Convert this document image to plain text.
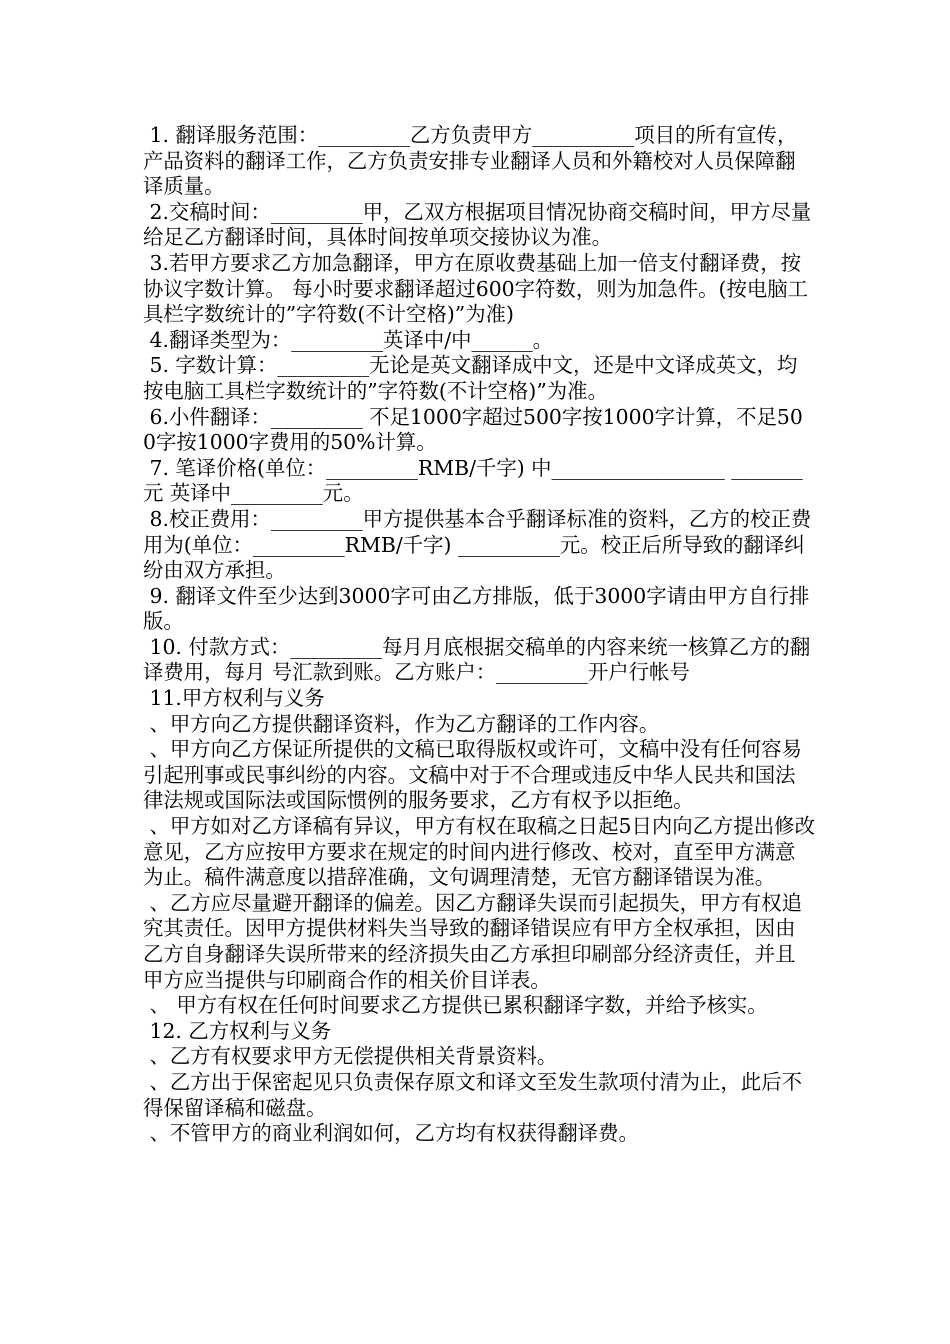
1. 翻译服务范围：_________乙方负责甲方__________项目的所有宣传，产品资料的翻译工作，乙方负责安排专业翻译人员和外籍校对人员保障翻译质量。

2.交稿时间：_________甲，乙双方根据项目情况协商交稿时间，甲方尽量给足乙方翻译时间，具体时间按单项交接协议为准。

3.若甲方要求乙方加急翻译，甲方在原收费基础上加一倍支付翻译费，按协议字数计算。 每小时要求翻译超过600字符数，则为加急件。(按电脑工具栏字数统计的”字符数(不计空格)”为准)

4.翻译类型为：_________英译中/中______。

5. 字数计算：_________无论是英文翻译成中文，还是中文译成英文，均按电脑工具栏字数统计的”字符数(不计空格)”为准。

6.小件翻译：_________ 不足1000字超过500字按1000字计算，不足500字按1000字费用的50%计算。

7. 笔译价格(单位：_________RMB/千字) 中_________________ _______元 英译中_________元。

8.校正费用：_________甲方提供基本合乎翻译标准的资料，乙方的校正费用为(单位：_________RMB/千字) __________元。校正后所导致的翻译纠纷由双方承担。

9. 翻译文件至少达到3000字可由乙方排版，低于3000字请由甲方自行排版。

10. 付款方式：_________每月月底根据交稿单的内容来统一核算乙方的翻译费用，每月 号汇款到账。乙方账户：_________开户行帐号

11.甲方权利与义务

、甲方向乙方提供翻译资料，作为乙方翻译的工作内容。

、甲方向乙方保证所提供的文稿已取得版权或许可，文稿中没有任何容易引起刑事或民事纠纷的内容。文稿中对于不合理或违反中华人民共和国法律法规或国际法或国际惯例的服务要求，乙方有权予以拒绝。

、甲方如对乙方译稿有异议，甲方有权在取稿之日起5日内向乙方提出修改意见，乙方应按甲方要求在规定的时间内进行修改、校对，直至甲方满意为止。稿件满意度以措辞准确，文句调理清楚，无官方翻译错误为准。

、乙方应尽量避开翻译的偏差。因乙方翻译失误而引起损失，甲方有权追究其责任。因甲方提供材料失当导致的翻译错误应有甲方全权承担，因由乙方自身翻译失误所带来的经济损失由乙方承担印刷部分经济责任，并且甲方应当提供与印刷商合作的相关价目详表。

、 甲方有权在任何时间要求乙方提供已累积翻译字数，并给予核实。

12. 乙方权利与义务

、乙方有权要求甲方无偿提供相关背景资料。

、乙方出于保密起见只负责保存原文和译文至发生款项付清为止，此后不得保留译稿和磁盘。

、不管甲方的商业利润如何，乙方均有权获得翻译费。
